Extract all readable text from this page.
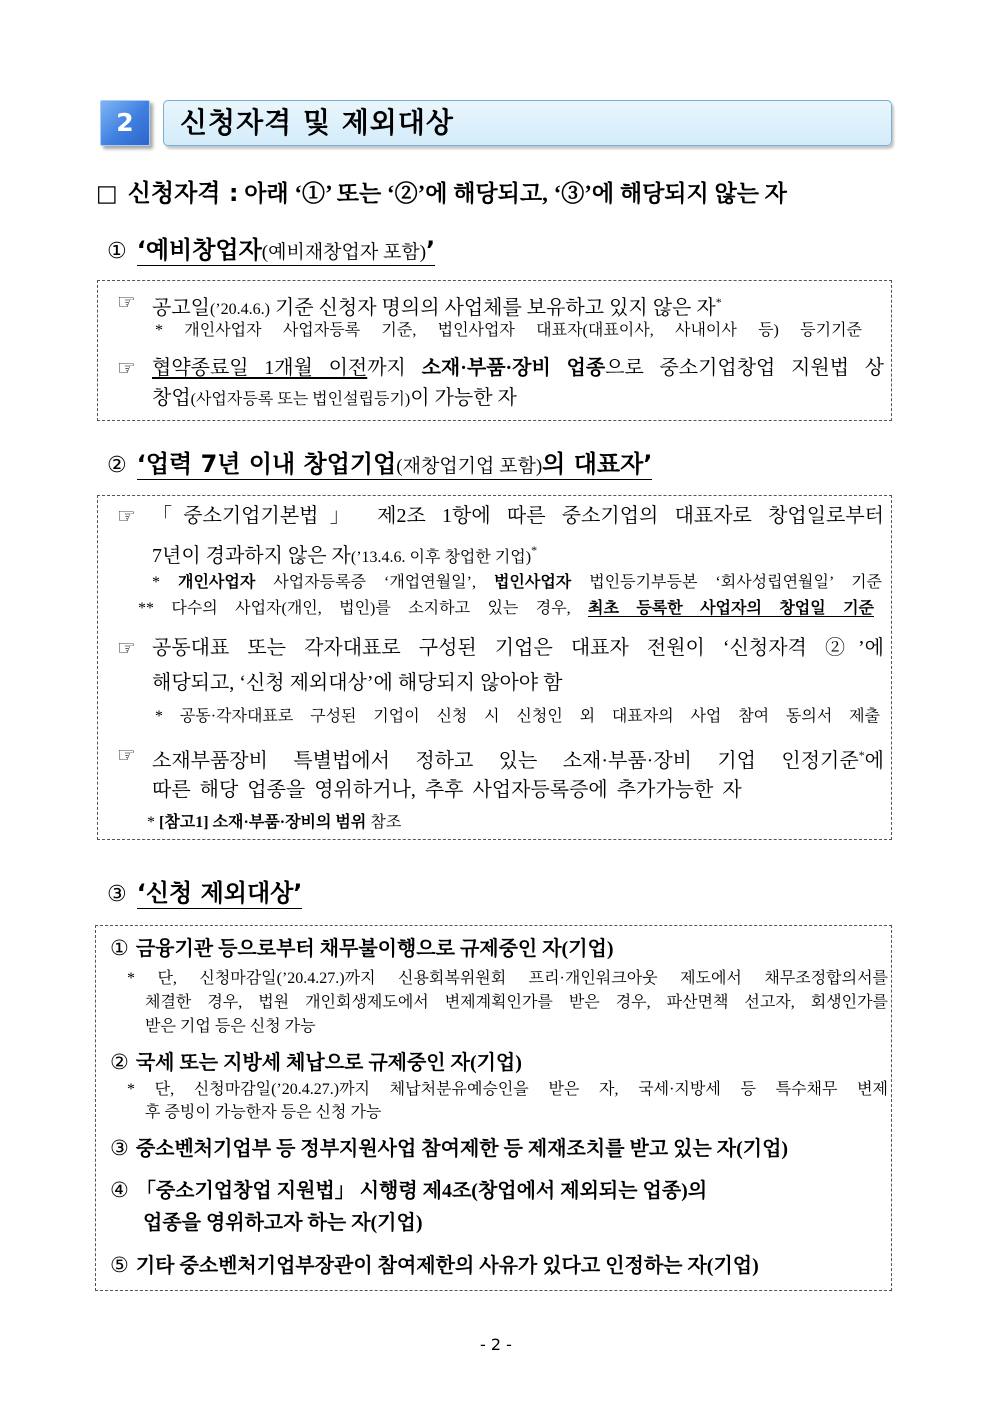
2	신청자격 및 제외대상
□ 신청자격 : 아래 ‘①’ 또는 ‘②’에 해당되고, ‘③’에 해당되지 않는 자
① ‘예비창업자(예비재창업자 포함)’
☞ 공고일(’20.4.6.) 기준 신청자 명의의 사업체를 보유하고 있지 않은 자*
* 개인사업자 사업자등록 기준, 법인사업자 대표자(대표이사, 사내이사 등) 등기기준
☞ 협약종료일 1개월 이전까지 소재·부품·장비 업종으로 중소기업창업 지원법 상
창업(사업자등록 또는 법인설립등기)이 가능한 자
② ‘업력 7년 이내 창업기업(재창업기업 포함)의 대표자’
☞ 「중소기업기본법」 제2조 1항에 따른 중소기업의 대표자로 창업일로부터
7년이 경과하지 않은 자(’13.4.6. 이후 창업한 기업)*
* 개인사업자 사업자등록증 ‘개업연월일’, 법인사업자 법인등기부등본 ‘회사성립연월일’ 기준
** 다수의 사업자(개인, 법인)를 소지하고 있는 경우, 최초 등록한 사업자의 창업일 기준
☞ 공동대표 또는 각자대표로 구성된 기업은 대표자 전원이 ‘신청자격 ②’에
해당되고, ‘신청 제외대상’에 해당되지 않아야 함
* 공동·각자대표로 구성된 기업이 신청 시 신청인 외 대표자의 사업 참여 동의서 제출
☞ 소재부품장비 특별법에서 정하고 있는 소재·부품·장비 기업 인정기준*에
따른 해당 업종을 영위하거나, 추후 사업자등록증에 추가가능한 자
* [참고1] 소재·부품·장비의 범위 참조
③ ‘신청 제외대상’
① 금융기관 등으로부터 채무불이행으로 규제중인 자(기업)
* 단, 신청마감일(’20.4.27.)까지 신용회복위원회 프리·개인워크아웃 제도에서 채무조정합의서를
체결한 경우, 법원 개인회생제도에서 변제계획인가를 받은 경우, 파산면책 선고자, 회생인가를
받은 기업 등은 신청 가능
② 국세 또는 지방세 체납으로 규제중인 자(기업)
* 단, 신청마감일(’20.4.27.)까지 체납처분유예승인을 받은 자, 국세·지방세 등 특수채무 변제
후 증빙이 가능한자 등은 신청 가능
③ 중소벤처기업부 등 정부지원사업 참여제한 등 제재조치를 받고 있는 자(기업)
④ 「중소기업창업 지원법」 시행령 제4조(창업에서 제외되는 업종)의
업종을 영위하고자 하는 자(기업)
⑤ 기타 중소벤처기업부장관이 참여제한의 사유가 있다고 인정하는 자(기업)
- 2 -
